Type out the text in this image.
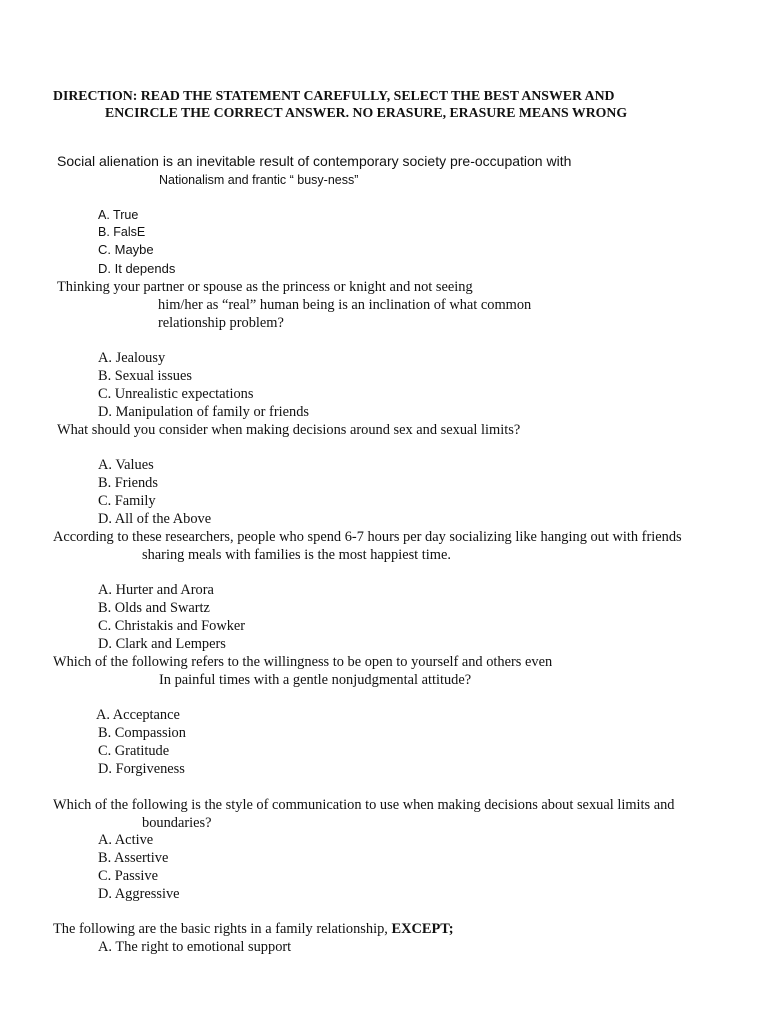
DIRECTION: READ THE STATEMENT CAREFULLY, SELECT THE BEST ANSWER AND
ENCIRCLE THE CORRECT ANSWER. NO ERASURE, ERASURE MEANS WRONG
Social alienation is an inevitable result of contemporary society pre-occupation with
Nationalism and frantic “ busy-ness”
A. True
B. FalsE
C. Maybe
D. It depends
Thinking your partner or spouse as the princess or knight and not seeing
him/her as “real” human being is an inclination of what common
relationship problem?
A. Jealousy
B. Sexual issues
C. Unrealistic expectations
D. Manipulation of family or friends
What should you consider when making decisions around sex and sexual limits?
A. Values
B. Friends
C. Family
D. All of the Above
According to these researchers, people who spend 6-7 hours per day socializing like hanging out with friends
sharing meals with families is the most happiest time.
A. Hurter and Arora
B. Olds and Swartz
C. Christakis and Fowker
D. Clark and Lempers
Which of the following refers to the willingness to be open to yourself and others even
In painful times with a gentle nonjudgmental attitude?
A. Acceptance
B. Compassion
C. Gratitude
D. Forgiveness
Which of the following is the style of communication to use when making decisions about sexual limits and
boundaries?
A. Active
B. Assertive
C. Passive
D. Aggressive
The following are the basic rights in a family relationship, EXCEPT;
A. The right to emotional support
